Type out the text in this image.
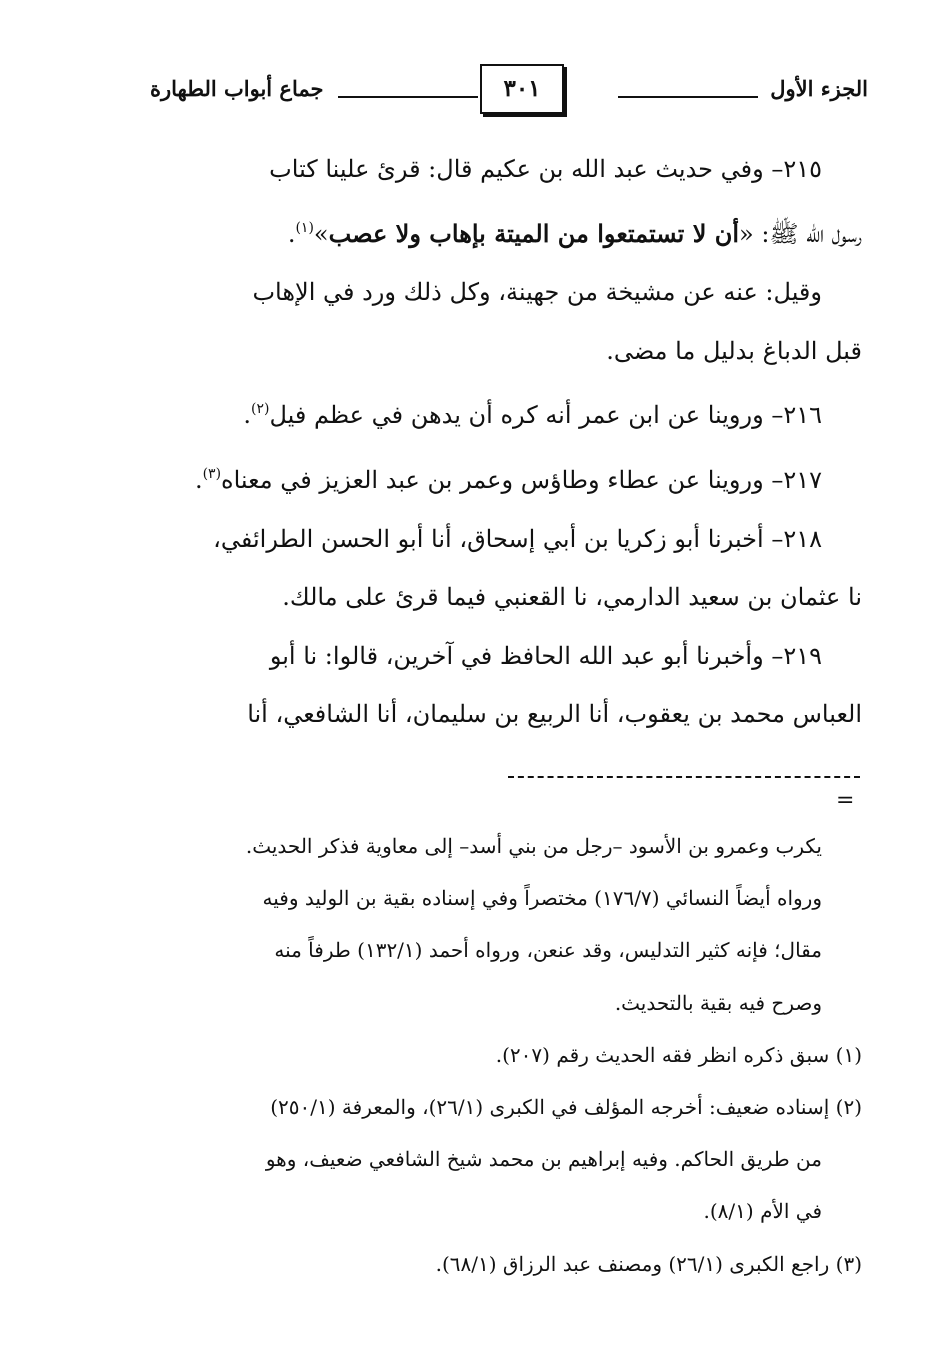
الجزء الأول
٣٠١
جماع أبواب الطهارة

٢١٥– وفي حديث عبد الله بن عكيم قال: قرئ علينا كتاب

رسول الله ﷺ: «أن لا تستمتعوا من الميتة بإهاب ولا عصب»$^{(١)}$.

وقيل: عنه عن مشيخة من جهينة، وكل ذلك ورد في الإهاب

قبل الدباغ بدليل ما مضى.

٢١٦– وروينا عن ابن عمر أنه كره أن يدهن في عظم فيل$^{(٢)}$.

٢١٧– وروينا عن عطاء وطاؤس وعمر بن عبد العزيز في معناه$^{(٣)}$.

٢١٨– أخبرنا أبو زكريا بن أبي إسحاق، أنا أبو الحسن الطرائفي،

نا عثمان بن سعيد الدارمي، نا القعنبي فيما قرئ على مالك.

٢١٩– وأخبرنا أبو عبد الله الحافظ في آخرين، قالوا: نا أبو

العباس محمد بن يعقوب، أنا الربيع بن سليمان، أنا الشافعي، أنا

=

يكرب وعمرو بن الأسود –رجل من بني أسد– إلى معاوية فذكر الحديث.

ورواه أيضاً النسائي (١٧٦/٧) مختصراً وفي إسناده بقية بن الوليد وفيه

مقال؛ فإنه كثير التدليس، وقد عنعن، ورواه أحمد (١٣٢/١) طرفاً منه

وصرح فيه بقية بالتحديث.

(١) سبق ذكره انظر فقه الحديث رقم (٢٠٧).

(٢) إسناده ضعيف: أخرجه المؤلف في الكبرى (٢٦/١)، والمعرفة (٢٥٠/١)

من طريق الحاكم. وفيه إبراهيم بن محمد شيخ الشافعي ضعيف، وهو

في الأم (٨/١).

(٣) راجع الكبرى (٢٦/١) ومصنف عبد الرزاق (٦٨/١).
